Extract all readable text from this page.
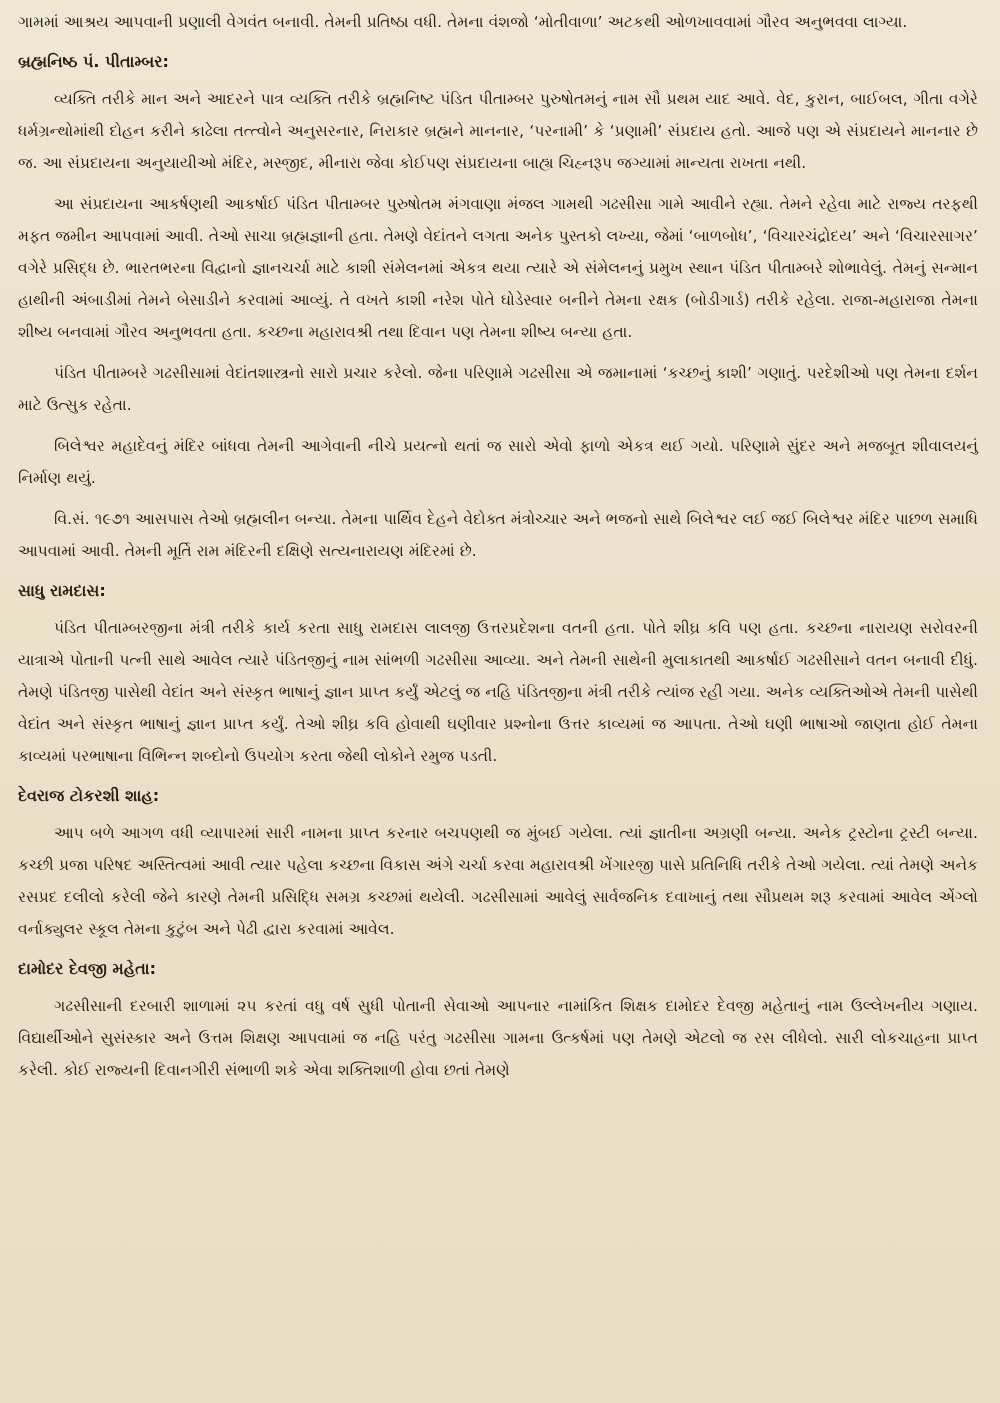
ગામમાં આશ્રય આપવાની પ્રણાલી વેગવંત બનાવી. તેમની પ્રતિષ્ઠા વધી. તેમના વંશજો ‘મોતીવાળા’ અટકથી ઓળખાવવામાં ગૌરવ અનુભવવા લાગ્યા.

બ્રહ્મનિષ્ઠ પં. પીતામ્બર:

વ્યક્તિ તરીકે માન અને આદરને પાત્ર વ્યક્તિ તરીકે બ્રહ્મનિષ્ટ પંડિત પીતામ્બર પુરુષોતમનું નામ સૌ પ્રથમ યાદ આવે. વેદ, કુરાન, બાઈબલ, ગીતા વગેરે ધર્મગ્રન્થોમાંથી દોહન કરીને કાઢેલા તત્ત્વોને અનુસરનાર, નિરાકાર બ્રહ્મને માનનાર, ‘પરનામી’ કે ‘પ્રણામી’ સંપ્રદાય હતો. આજે પણ એ સંપ્રદાયને માનનાર છે જ. આ સંપ્રદાયના અનુયાયીઓ મંદિર, મસ્જીદ, મીનારા જેવા કોઈપણ સંપ્રદાયના બાહ્ય ચિહ્નરૂપ જગ્યામાં માન્યતા રાખતા નથી.

આ સંપ્રદાયના આકર્ષણથી આકર્ષાઈ પંડિત પીતામ્બર પુરુષોતમ મંગવાણા મંજલ ગામથી ગઢસીસા ગામે આવીને રહ્યા. તેમને રહેવા માટે રાજ્ય તરફથી મફત જમીન આપવામાં આવી. તેઓ સાચા બ્રહ્મજ્ઞાની હતા. તેમણે વેદાંતને લગતા અનેક પુસ્તકો લખ્યા, જેમાં ‘બાળબોધ’, ‘વિચારચંદ્રોદય’ અને ‘વિચારસાગર’ વગેરે પ્રસિદ્ધ છે. ભારતભરના વિદ્વાનો જ્ઞાનચર્ચા માટે કાશી સંમેલનમાં એકત્ર થયા ત્યારે એ સંમેલનનું પ્રમુખ સ્થાન પંડિત પીતામ્બરે શોભાવેલું. તેમનું સન્માન હાથીની અંબાડીમાં તેમને બેસાડીને કરવામાં આવ્યું. તે વખતે કાશી નરેશ પોતે ઘોડેસ્વાર બનીને તેમના રક્ષક (બોડીગાર્ડ) તરીકે રહેલા. રાજા-મહારાજા તેમના શીષ્ય બનવામાં ગૌરવ અનુભવતા હતા. કચ્છના મહારાવશ્રી તથા દિવાન પણ તેમના શીષ્ય બન્યા હતા.

પંડિત પીતામ્બરે ગઢસીસામાં વેદાંતશાસ્ત્રનો સારો પ્રચાર કરેલો. જેના પરિણામે ગઢસીસા એ જમાનામાં ‘કચ્છનું કાશી’ ગણાતું. પરદેશીઓ પણ તેમના દર્શન માટે ઉત્સુક રહેતા.

બિલેશ્વર મહાદેવનું મંદિર બાંધવા તેમની આગેવાની નીચે પ્રયત્નો થતાં જ સારો એવો ફાળો એકત્ર થઈ ગયો. પરિણામે સુંદર અને મજબૂત શીવાલયનું નિર્માણ થયું.

વિ.સં. ૧૯૭૧ આસપાસ તેઓ બ્રહ્મલીન બન્યા. તેમના પાર્થિવ દેહને વેદોક્ત મંત્રોચ્ચાર અને ભજનો સાથે બિલેશ્વર લઈ જઈ બિલેશ્વર મંદિર પાછળ સમાધિ આપવામાં આવી. તેમની મૂર્તિ રામ મંદિરની દક્ષિણે સત્યનારાયણ મંદિરમાં છે.

સાધુ રામદાસ:

પંડિત પીતામ્બરજીના મંત્રી તરીકે કાર્ય કરતા સાધુ રામદાસ લાલજી ઉત્તરપ્રદેશના વતની હતા. પોતે શીઘ્ર કવિ પણ હતા. કચ્છના નારાયણ સરોવરની યાત્રાએ પોતાની પત્ની સાથે આવેલ ત્યારે પંડિતજીનું નામ સાંભળી ગઢસીસા આવ્યા. અને તેમની સાથેની મુલાકાતથી આકર્ષાઈ ગઢસીસાને વતન બનાવી દીધું. તેમણે પંડિતજી પાસેથી વેદાંત અને સંસ્કૃત ભાષાનું જ્ઞાન પ્રાપ્ત કર્યું એટલું જ નહિ પંડિતજીના મંત્રી તરીકે ત્યાંજ રહી ગયા. અનેક વ્યક્તિઓએ તેમની પાસેથી વેદાંત અને સંસ્કૃત ભાષાનું જ્ઞાન પ્રાપ્ત કર્યું. તેઓ શીઘ્ર કવિ હોવાથી ઘણીવાર પ્રશ્નોના ઉત્તર કાવ્યમાં જ આપતા. તેઓ ઘણી ભાષાઓ જાણતા હોઈ તેમના કાવ્યમાં પરભાષાના વિભિન્ન શબ્દોનો ઉપયોગ કરતા જેથી લોકોને રમુજ પડતી.

દેવરાજ ટોકરશી શાહ:

આપ બળે આગળ વધી વ્યાપારમાં સારી નામના પ્રાપ્ત કરનાર બચપણથી જ મુંબઈ ગયેલા. ત્યાં જ્ઞાતીના અગ્રણી બન્યા. અનેક ટ્રસ્ટોના ટ્રસ્ટી બન્યા. કચ્છી પ્રજા પરિષદ અસ્તિત્વમાં આવી ત્યાર પહેલા કચ્છના વિકાસ અંગે ચર્ચા કરવા મહારાવશ્રી ખેંગારજી પાસે પ્રતિનિધિ તરીકે તેઓ ગયેલા. ત્યાં તેમણે અનેક રસપ્રદ દલીલો કરેલી જેને કારણે તેમની પ્રસિદ્ધિ સમગ્ર કચ્છમાં થયેલી. ગઢસીસામાં આવેલું સાર્વજનિક દવાખાનું તથા સૌપ્રથમ શરૂ કરવામાં આવેલ એંગ્લો વર્નાક્યુલર સ્કૂલ તેમના કુટુંબ અને પેઢી દ્વારા કરવામાં આવેલ.

દામોદર દેવજી મહેતા:

ગઢસીસાની દરબારી શાળામાં ૨૫ કરતાં વધુ વર્ષ સુધી પોતાની સેવાઓ આપનાર નામાંકિત શિક્ષક દામોદર દેવજી મહેતાનું નામ ઉલ્લેખનીય ગણાય. વિદ્યાર્થીઓને સુસંસ્કાર અને ઉત્તમ શિક્ષણ આપવામાં જ નહિ પરંતુ ગઢસીસા ગામના ઉત્કર્ષમાં પણ તેમણે એટલો જ રસ લીધેલો. સારી લોકચાહના પ્રાપ્ત કરેલી. કોઈ રાજ્યની દિવાનગીરી સંભાળી શકે એવા શક્તિશાળી હોવા છતાં તેમણે
